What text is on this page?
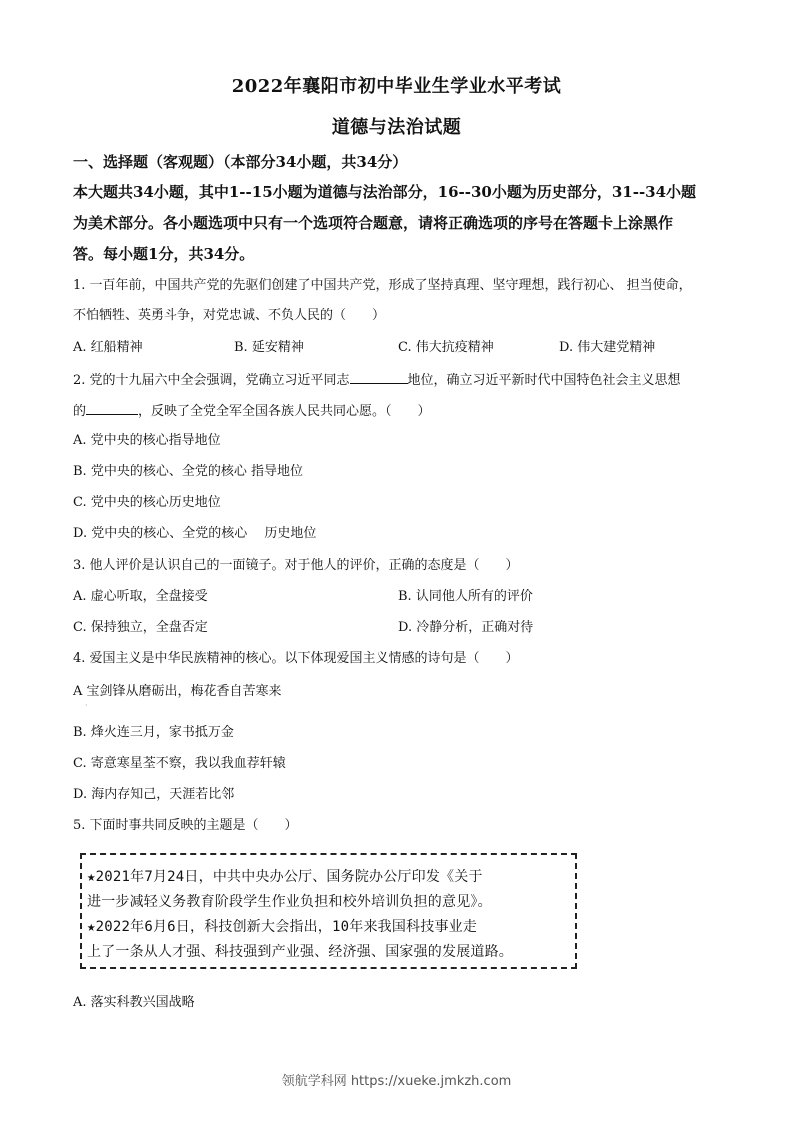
2022年襄阳市初中毕业生学业水平考试
道德与法治试题
一、选择题（客观题）（本部分34小题，共34分）
本大题共34小题，其中1--15小题为道德与法治部分，16--30小题为历史部分，31--34小题
为美术部分。各小题选项中只有一个选项符合题意，请将正确选项的序号在答题卡上涂黑作
答。每小题1分，共34分。
1. 一百年前，中国共产党的先驱们创建了中国共产党，形成了坚持真理、坚守理想，践行初心、 担当使命，
不怕牺牲、英勇斗争，对党忠诚、不负人民的（　　）
A. 红船精神	B. 延安精神	C. 伟大抗疫精神	D. 伟大建党精神
2. 党的十九届六中全会强调，党确立习近平同志	地位，确立习近平新时代中国特色社会主义思想
的	，反映了全党全军全国各族人民共同心愿。（　　）
A. 党中央的核心指导地位
B. 党中央的核心、全党的核心 指导地位
C. 党中央的核心历史地位
D. 党中央的核心、全党的核心　 历史地位
3. 他人评价是认识自己的一面镜子。对于他人的评价，正确的态度是（　　）
A. 虚心听取，全盘接受	B. 认同他人所有的评价
C. 保持独立，全盘否定	D. 冷静分析，正确对待
4. 爱国主义是中华民族精神的核心。以下体现爱国主义情感的诗句是（　　）
A 宝剑锋从磨砺出，梅花香自苦寒来
·
B. 烽火连三月，家书抵万金
C. 寄意寒星荃不察，我以我血荐轩辕
D. 海内存知己，天涯若比邻
5. 下面时事共同反映的主题是（　　）
★2021年7月24日，中共中央办公厅、国务院办公厅印发《关于
进一步减轻义务教育阶段学生作业负担和校外培训负担的意见》。
★2022年6月6日，科技创新大会指出，10年来我国科技事业走
上了一条从人才强、科技强到产业强、经济强、国家强的发展道路。
A. 落实科教兴国战略
领航学科网 https://xueke.jmkzh.com
